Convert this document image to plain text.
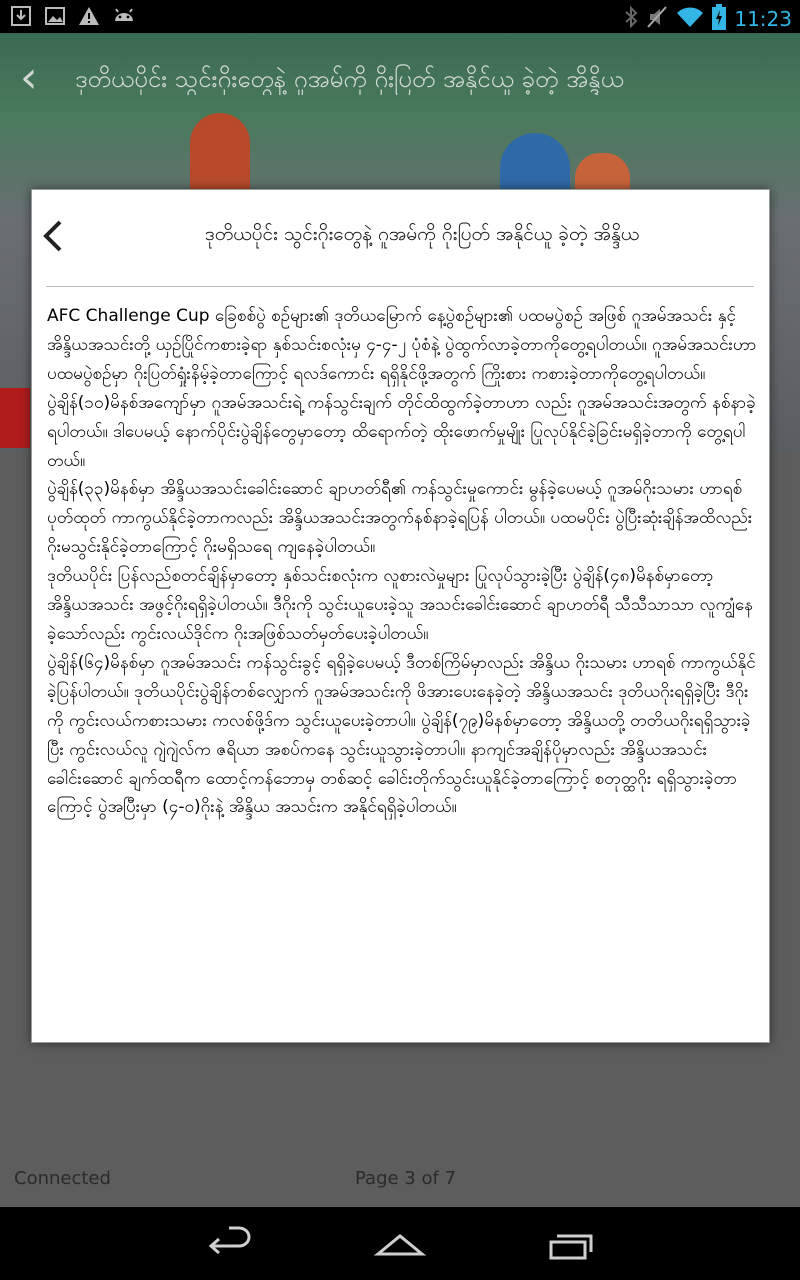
11:23
‹	ဒုတိယပိုင်း သွင်းဂိုးတွေနဲ့ ဂူအမ်ကို ဂိုးပြတ် အနိုင်ယူ ခဲ့တဲ့ အိန္ဒိယ
Connected	Page 3 of 7
ဒုတိယပိုင်း သွင်းဂိုးတွေနဲ့ ဂူအမ်ကို ဂိုးပြတ် အနိုင်ယူ ခဲ့တဲ့ အိန္ဒိယ

AFC Challenge Cup ခြေစစ်ပွဲ စဉ်များ၏ ဒုတိယမြောက် နေ့ပွဲစဉ်များ၏ ပထမပွဲစဉ် အဖြစ် ဂူအမ်အသင်း နှင့် အိန္ဒိယအသင်းတို့ ယှဉ်ပြိုင်ကစားခဲ့ရာ နှစ်သင်းစလုံးမှ ၄-၄-၂ ပုံစံနဲ့ ပွဲထွက်လာခဲ့တာကိုတွေ့ရပါတယ်။ ဂူအမ်အသင်းဟာ ပထမပွဲစဉ်မှာ ဂိုးပြတ်ရှုံးနိမ့်ခဲ့တာကြောင့် ရလဒ်ကောင်း ရရှိနိုင်ဖို့အတွက် ကြိုးစား ကစားခဲ့တာကိုတွေ့ရပါတယ်။

ပွဲချိန်(၁၀)မိနစ်အကျော်မှာ ဂူအမ်အသင်းရဲ့ ကန်သွင်းချက် တိုင်ထိထွက်ခဲ့တာဟာ လည်း ဂူအမ်အသင်းအတွက် နစ်နာခဲ့ရပါတယ်။ ဒါပေမယ့် နောက်ပိုင်းပွဲချိန်တွေမှာတော့ ထိရောက်တဲ့ ထိုးဖောက်မှုမျိုး ပြုလုပ်နိုင်ခဲ့ခြင်းမရှိခဲ့တာကို တွေ့ရပါတယ်။

ပွဲချိန်(၃၃)မိနစ်မှာ အိန္ဒိယအသင်းခေါင်းဆောင် ချာဟတ်ရီ၏ ကန်သွင်းမှုကောင်း မွန်ခဲ့ပေမယ့် ဂူအမ်ဂိုးသမား ဟာရစ် ပုတ်ထုတ် ကာကွယ်နိုင်ခဲ့တာကလည်း အိန္ဒိယအသင်းအတွက်နစ်နာခဲ့ရပြန် ပါတယ်။ ပထမပိုင်း ပွဲပြီးဆုံးချိန်အထိလည်း ဂိုးမသွင်းနိုင်ခဲ့တာကြောင့် ဂိုးမရှိသရေ ကျနေခဲ့ပါတယ်။

ဒုတိယပိုင်း ပြန်လည်စတင်ချိန်မှာတော့ နှစ်သင်းစလုံးက လူစားလဲမှုများ ပြုလုပ်သွားခဲ့ပြီး ပွဲချိန်(၄၈)မိနစ်မှာတော့ အိန္ဒိယအသင်း အဖွင့်ဂိုးရရှိခဲ့ပါတယ်။ ဒီဂိုးကို သွင်းယူပေးခဲ့သူ အသင်းခေါင်းဆောင် ချာဟတ်ရီ သီသီသာသာ လူကျွံနေခဲ့သော်လည်း ကွင်းလယ်ဒိုင်က ဂိုးအဖြစ်သတ်မှတ်ပေးခဲ့ပါတယ်။

ပွဲချိန်(၆၄)မိနစ်မှာ ဂူအမ်အသင်း ကန်သွင်းခွင့် ရရှိခဲ့ပေမယ့် ဒီတစ်ကြိမ်မှာလည်း အိန္ဒိယ ဂိုးသမား ဟာရစ် ကာကွယ်နိုင်ခဲ့ပြန်ပါတယ်။ ဒုတိယပိုင်းပွဲချိန်တစ်လျှောက် ဂူအမ်အသင်းကို ဖိအားပေးနေခဲ့တဲ့ အိန္ဒိယအသင်း ဒုတိယဂိုးရရှိခဲ့ပြီး ဒီဂိုးကို ကွင်းလယ်ကစားသမား ကလစ်ဖို့ဒ်က သွင်းယူပေးခဲ့တာပါ။ ပွဲချိန်(၇၉)မိနစ်မှာတော့ အိန္ဒိယတို့ တတိယဂိုးရရှိသွားခဲ့ပြီး ကွင်းလယ်လူ ဂျဲဂျဲလ်က ဇရိယာ အစပ်ကနေ သွင်းယူသွားခဲ့တာပါ။ နာကျင်အချိန်ပိုမှာလည်း အိန္ဒိယအသင်းခေါင်းဆောင် ချက်ထရီက ထောင့်ကန်ဘောမှ တစ်ဆင့် ခေါင်းတိုက်သွင်းယူနိုင်ခဲ့တာကြောင့် စတုတ္ထဂိုး ရရှိသွားခဲ့တာကြောင့် ပွဲအပြီးမှာ (၄-၀)ဂိုးနဲ့ အိန္ဒိယ အသင်းက အနိုင်ရရှိခဲ့ပါတယ်။
